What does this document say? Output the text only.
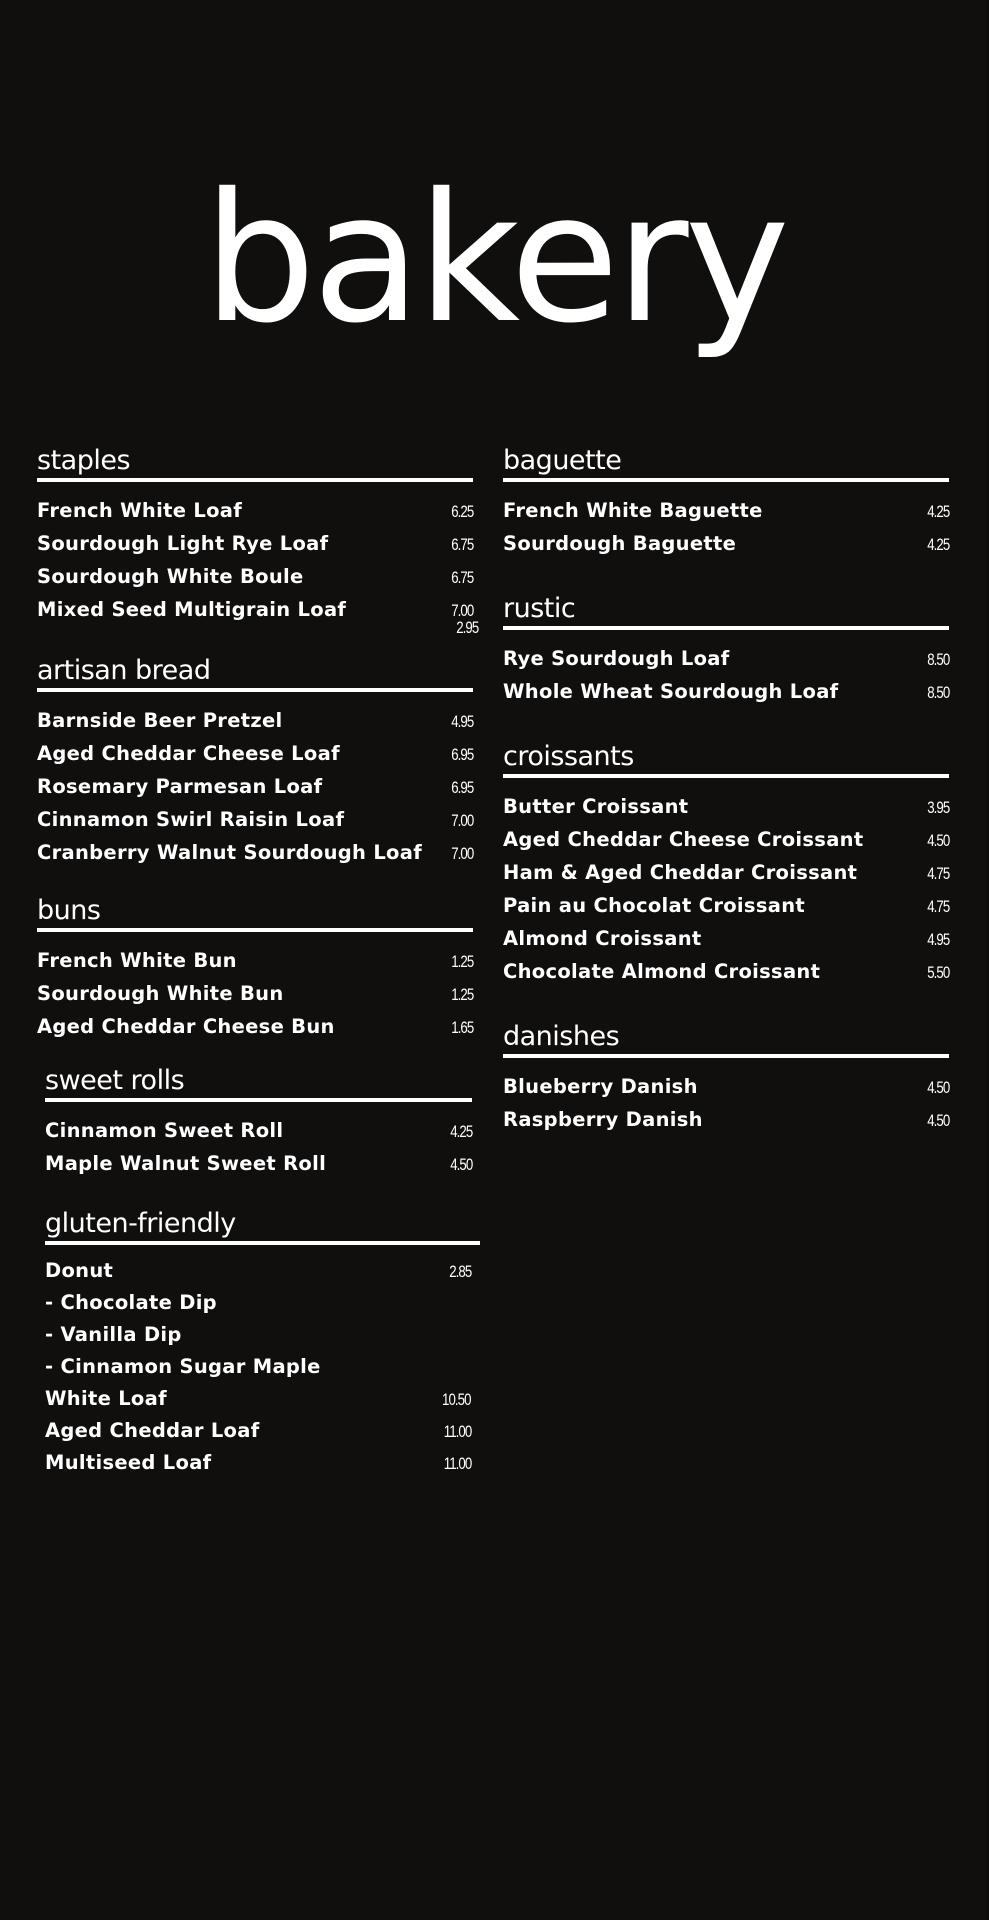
bakery
staples
French White Loaf	6.25
Sourdough Light Rye Loaf	6.75
Sourdough White Boule	6.75
Mixed Seed Multigrain Loaf	7.00
2.95
artisan bread
Barnside Beer Pretzel	4.95
Aged Cheddar Cheese Loaf	6.95
Rosemary Parmesan Loaf	6.95
Cinnamon Swirl Raisin Loaf	7.00
Cranberry Walnut Sourdough Loaf 7.00
buns
French White Bun	1.25
Sourdough White Bun	1.25
Aged Cheddar Cheese Bun	1.65
sweet rolls
Cinnamon Sweet Roll	4.25
Maple Walnut Sweet Roll	4.50
gluten-friendly
Donut	2.85
- Chocolate Dip
- Vanilla Dip
- Cinnamon Sugar Maple
White Loaf	10.50
Aged Cheddar Loaf	11.00
Multiseed Loaf	11.00
baguette
French White Baguette	4.25
Sourdough Baguette	4.25
rustic
Rye Sourdough Loaf	8.50
Whole Wheat Sourdough Loaf	8.50
croissants
Butter Croissant	3.95
Aged Cheddar Cheese Croissant	4.50
Ham & Aged Cheddar Croissant	4.75
Pain au Chocolat Croissant	4.75
Almond Croissant	4.95
Chocolate Almond Croissant	5.50
danishes
Blueberry Danish	4.50
Raspberry Danish	4.50
